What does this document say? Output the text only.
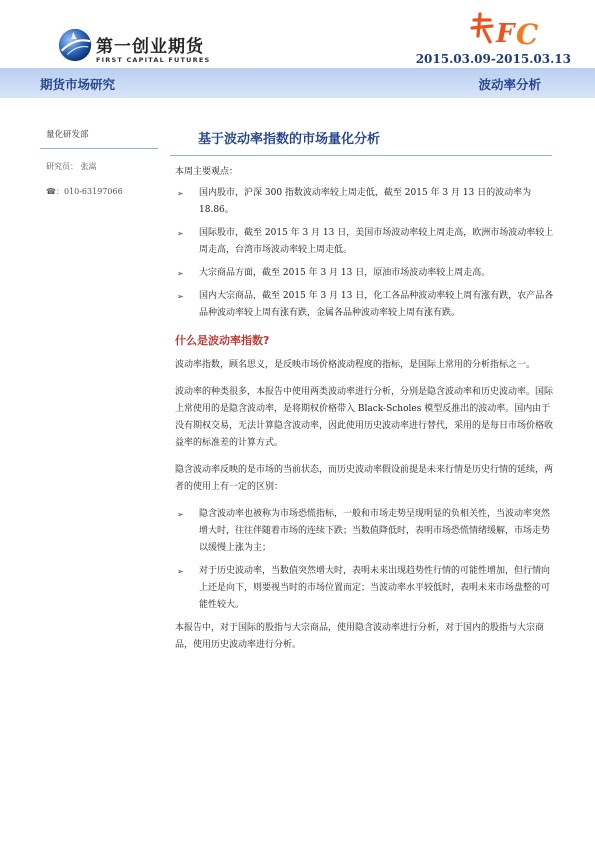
第一创业期货
FIRST CAPITAL FUTURES
F C
2015.03.09-2015.03.13
期货市场研究	波动率分析
量化研发部
研究员： 张嵩
☎：010-63197066
基于波动率指数的市场量化分析

本周主要观点：

➢ 国内股市，沪深 300 指数波动率较上周走低，截至 2015 年 3 月 13 日的波动率为 18.86。
➢ 国际股市，截至 2015 年 3 月 13 日，美国市场波动率较上周走高，欧洲市场波动率较上周走高，台湾市场波动率较上周走低。
➢ 大宗商品方面，截至 2015 年 3 月 13 日，原油市场波动率较上周走高。
➢ 国内大宗商品，截至 2015 年 3 月 13 日，化工各品种波动率较上周有涨有跌，农产品各品种波动率较上周有涨有跌，金属各品种波动率较上周有涨有跌。
什么是波动率指数?

波动率指数，顾名思义，是反映市场价格波动程度的指标，是国际上常用的分析指标之一。

波动率的种类很多，本报告中使用两类波动率进行分析，分别是隐含波动率和历史波动率。国际上常使用的是隐含波动率，是将期权价格带入 Black-Scholes 模型反推出的波动率。国内由于没有期权交易，无法计算隐含波动率，因此使用历史波动率进行替代，采用的是每日市场价格收益率的标准差的计算方式。

隐含波动率反映的是市场的当前状态，而历史波动率假设前提是未来行情是历史行情的延续，两者的使用上有一定的区别：

➢ 隐含波动率也被称为市场恐慌指标，一般和市场走势呈现明显的负相关性，当波动率突然增大时，往往伴随着市场的连续下跌；当数值降低时，表明市场恐慌情绪缓解，市场走势以缓慢上涨为主；
➢ 对于历史波动率，当数值突然增大时，表明未来出现趋势性行情的可能性增加，但行情向上还是向下，则要视当时的市场位置而定；当波动率水平较低时，表明未来市场盘整的可能性较大。

本报告中，对于国际的股指与大宗商品，使用隐含波动率进行分析，对于国内的股指与大宗商品，使用历史波动率进行分析。
